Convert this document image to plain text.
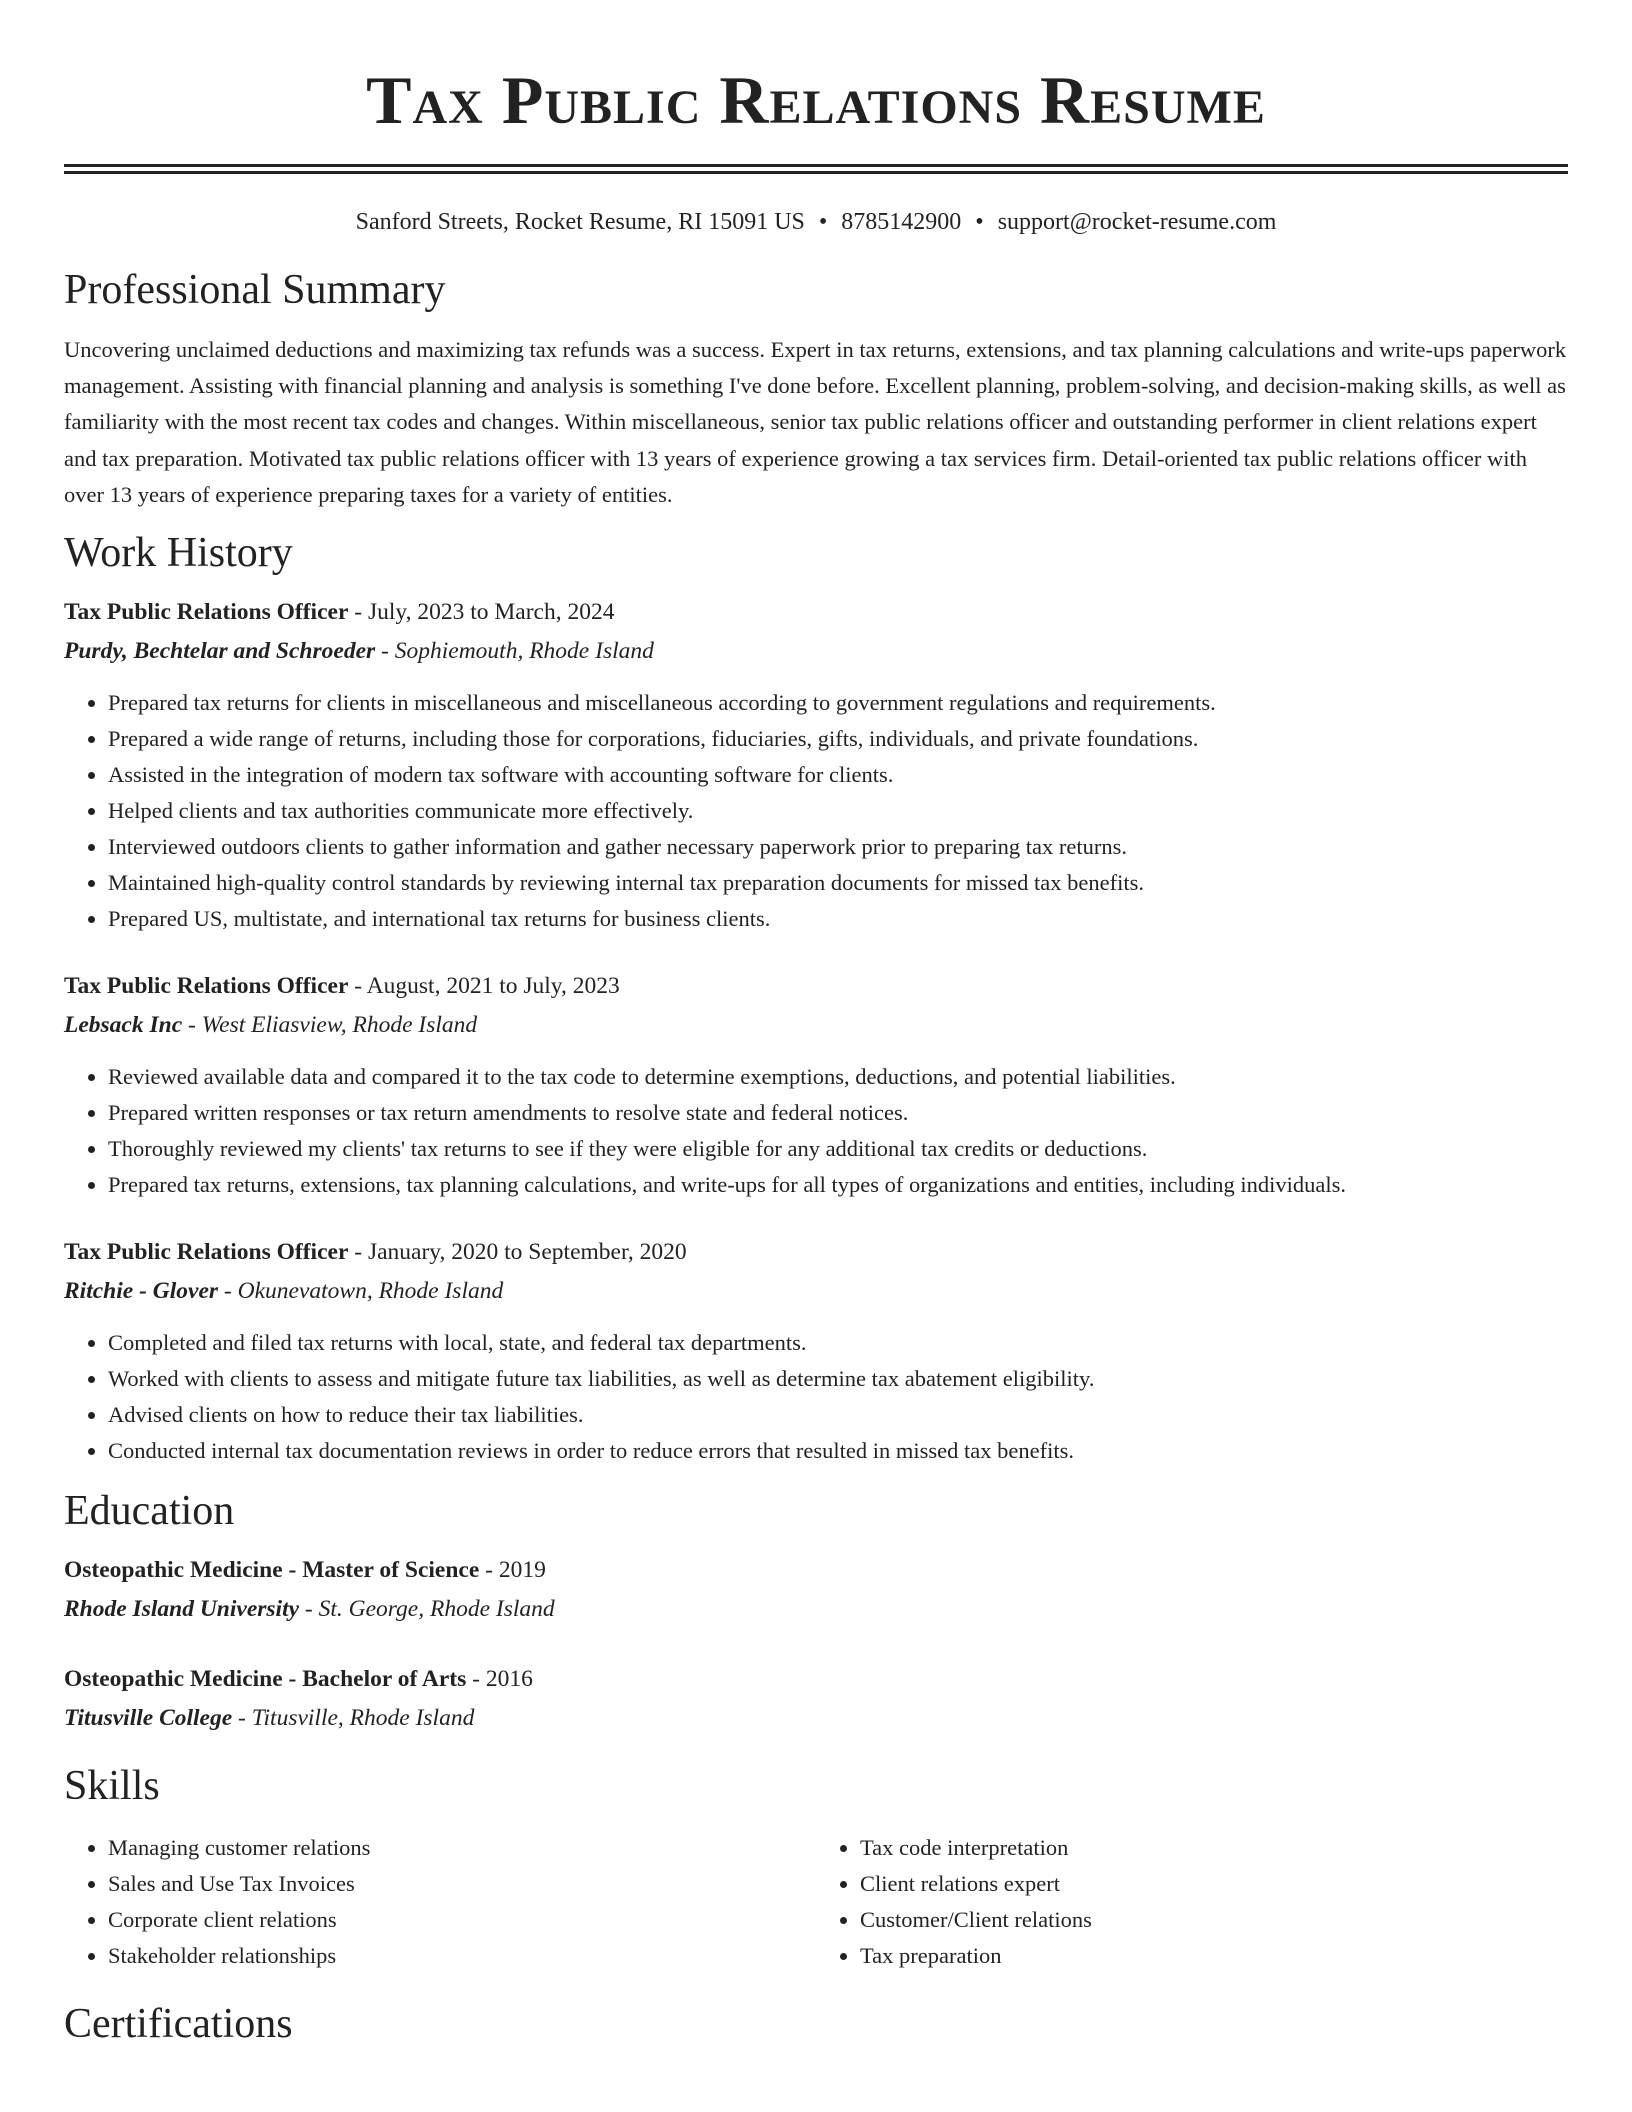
Tax Public Relations Resume
Sanford Streets, Rocket Resume, RI 15091 US • 8785142900 • support@rocket-resume.com
Professional Summary

Uncovering unclaimed deductions and maximizing tax refunds was a success. Expert in tax returns, extensions, and tax planning calculations and write-ups paperwork management. Assisting with financial planning and analysis is something I've done before. Excellent planning, problem-solving, and decision-making skills, as well as familiarity with the most recent tax codes and changes. Within miscellaneous, senior tax public relations officer and outstanding performer in client relations expert and tax preparation. Motivated tax public relations officer with 13 years of experience growing a tax services firm. Detail-oriented tax public relations officer with over 13 years of experience preparing taxes for a variety of entities.

Work History
Tax Public Relations Officer - July, 2023 to March, 2024
Purdy, Bechtelar and Schroeder - Sophiemouth, Rhode Island
• Prepared tax returns for clients in miscellaneous and miscellaneous according to government regulations and requirements.
• Prepared a wide range of returns, including those for corporations, fiduciaries, gifts, individuals, and private foundations.
• Assisted in the integration of modern tax software with accounting software for clients.
• Helped clients and tax authorities communicate more effectively.
• Interviewed outdoors clients to gather information and gather necessary paperwork prior to preparing tax returns.
• Maintained high-quality control standards by reviewing internal tax preparation documents for missed tax benefits.
• Prepared US, multistate, and international tax returns for business clients.
Tax Public Relations Officer - August, 2021 to July, 2023
Lebsack Inc - West Eliasview, Rhode Island
• Reviewed available data and compared it to the tax code to determine exemptions, deductions, and potential liabilities.
• Prepared written responses or tax return amendments to resolve state and federal notices.
• Thoroughly reviewed my clients' tax returns to see if they were eligible for any additional tax credits or deductions.
• Prepared tax returns, extensions, tax planning calculations, and write-ups for all types of organizations and entities, including individuals.
Tax Public Relations Officer - January, 2020 to September, 2020
Ritchie - Glover - Okunevatown, Rhode Island
• Completed and filed tax returns with local, state, and federal tax departments.
• Worked with clients to assess and mitigate future tax liabilities, as well as determine tax abatement eligibility.
• Advised clients on how to reduce their tax liabilities.
• Conducted internal tax documentation reviews in order to reduce errors that resulted in missed tax benefits.
Education
Osteopathic Medicine - Master of Science - 2019
Rhode Island University - St. George, Rhode Island
Osteopathic Medicine - Bachelor of Arts - 2016
Titusville College - Titusville, Rhode Island
Skills
• Managing customer relations
• Sales and Use Tax Invoices
• Corporate client relations
• Stakeholder relationships
• Tax code interpretation
• Client relations expert
• Customer/Client relations
• Tax preparation
Certifications
